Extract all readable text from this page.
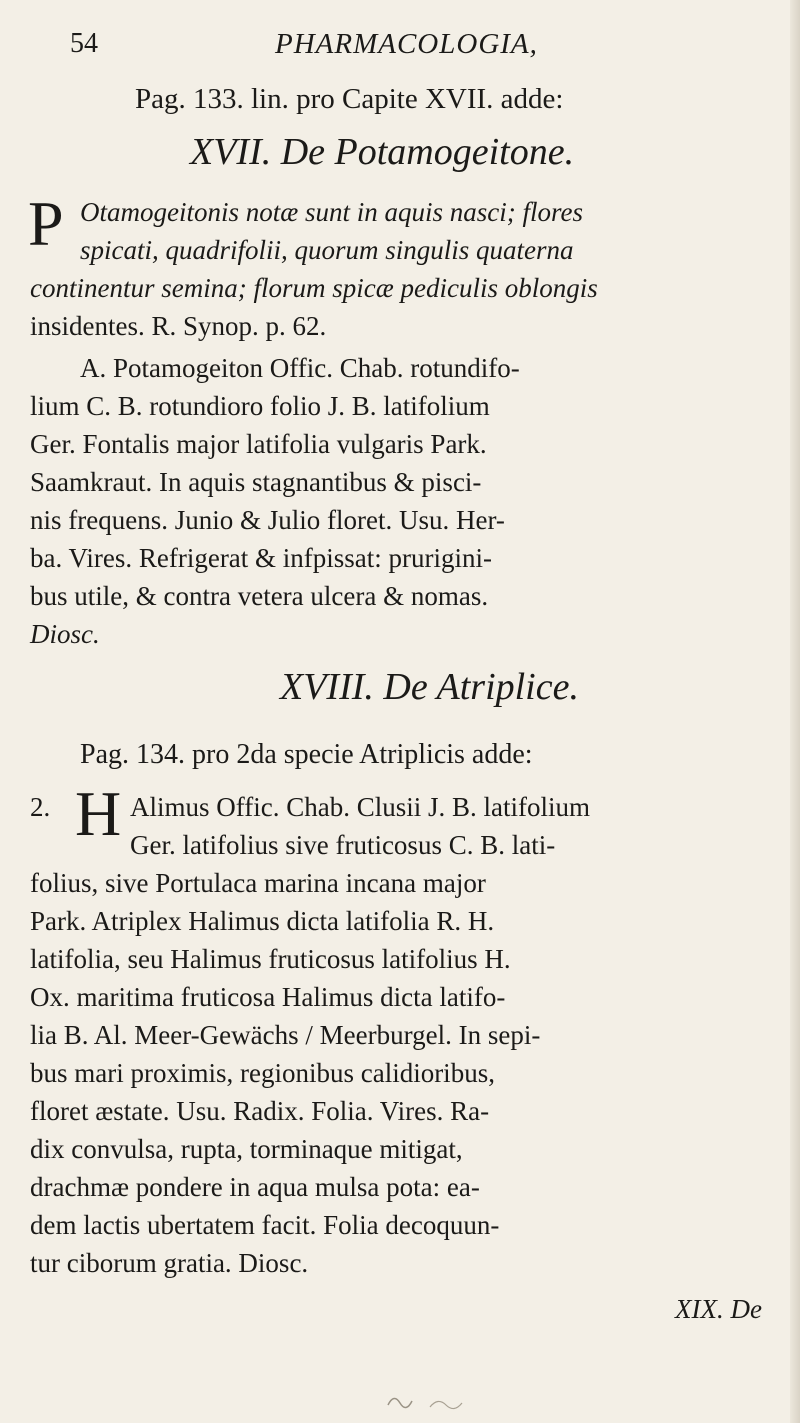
54	PHARMACOLOGIA,
Pag. 133. lin. pro Capite XVII. adde:
XVII. De Potamogeitone.
P Otamogeitonis notæ sunt in aquis nasci; flores
spicati, quadrifolii, quorum singulis quaterna
continentur semina; florum spicæ pediculis oblongis
insidentes. R. Synop. p. 62.
A. Potamogeiton Offic. Chab. rotundifo-
lium C. B. rotundioro folio J. B. latifolium
Ger. Fontalis major latifolia vulgaris Park.
Saamkraut. In aquis stagnantibus & pisci-
nis frequens. Junio & Julio floret. Usu. Her-
ba. Vires. Refrigerat & infpissat: prurigini-
bus utile, & contra vetera ulcera & nomas.
Diosc.
XVIII. De Atriplice.
Pag. 134. pro 2da specie Atriplicis adde:
2. H Alimus Offic. Chab. Clusii J. B. latifolium
Ger. latifolius sive fruticosus C. B. lati-
folius, sive Portulaca marina incana major
Park. Atriplex Halimus dicta latifolia R. H.
latifolia, seu Halimus fruticosus latifolius H.
Ox. maritima fruticosa Halimus dicta latifo-
lia B. Al. Meer-Gewächs / Meerburgel. In sepi-
bus mari proximis, regionibus calidioribus,
floret æstate. Usu. Radix. Folia. Vires. Ra-
dix convulsa, rupta, torminaque mitigat,
drachmæ pondere in aqua mulsa pota: ea-
dem lactis ubertatem facit. Folia decoquun-
tur ciborum gratia. Diosc.
XIX. De
